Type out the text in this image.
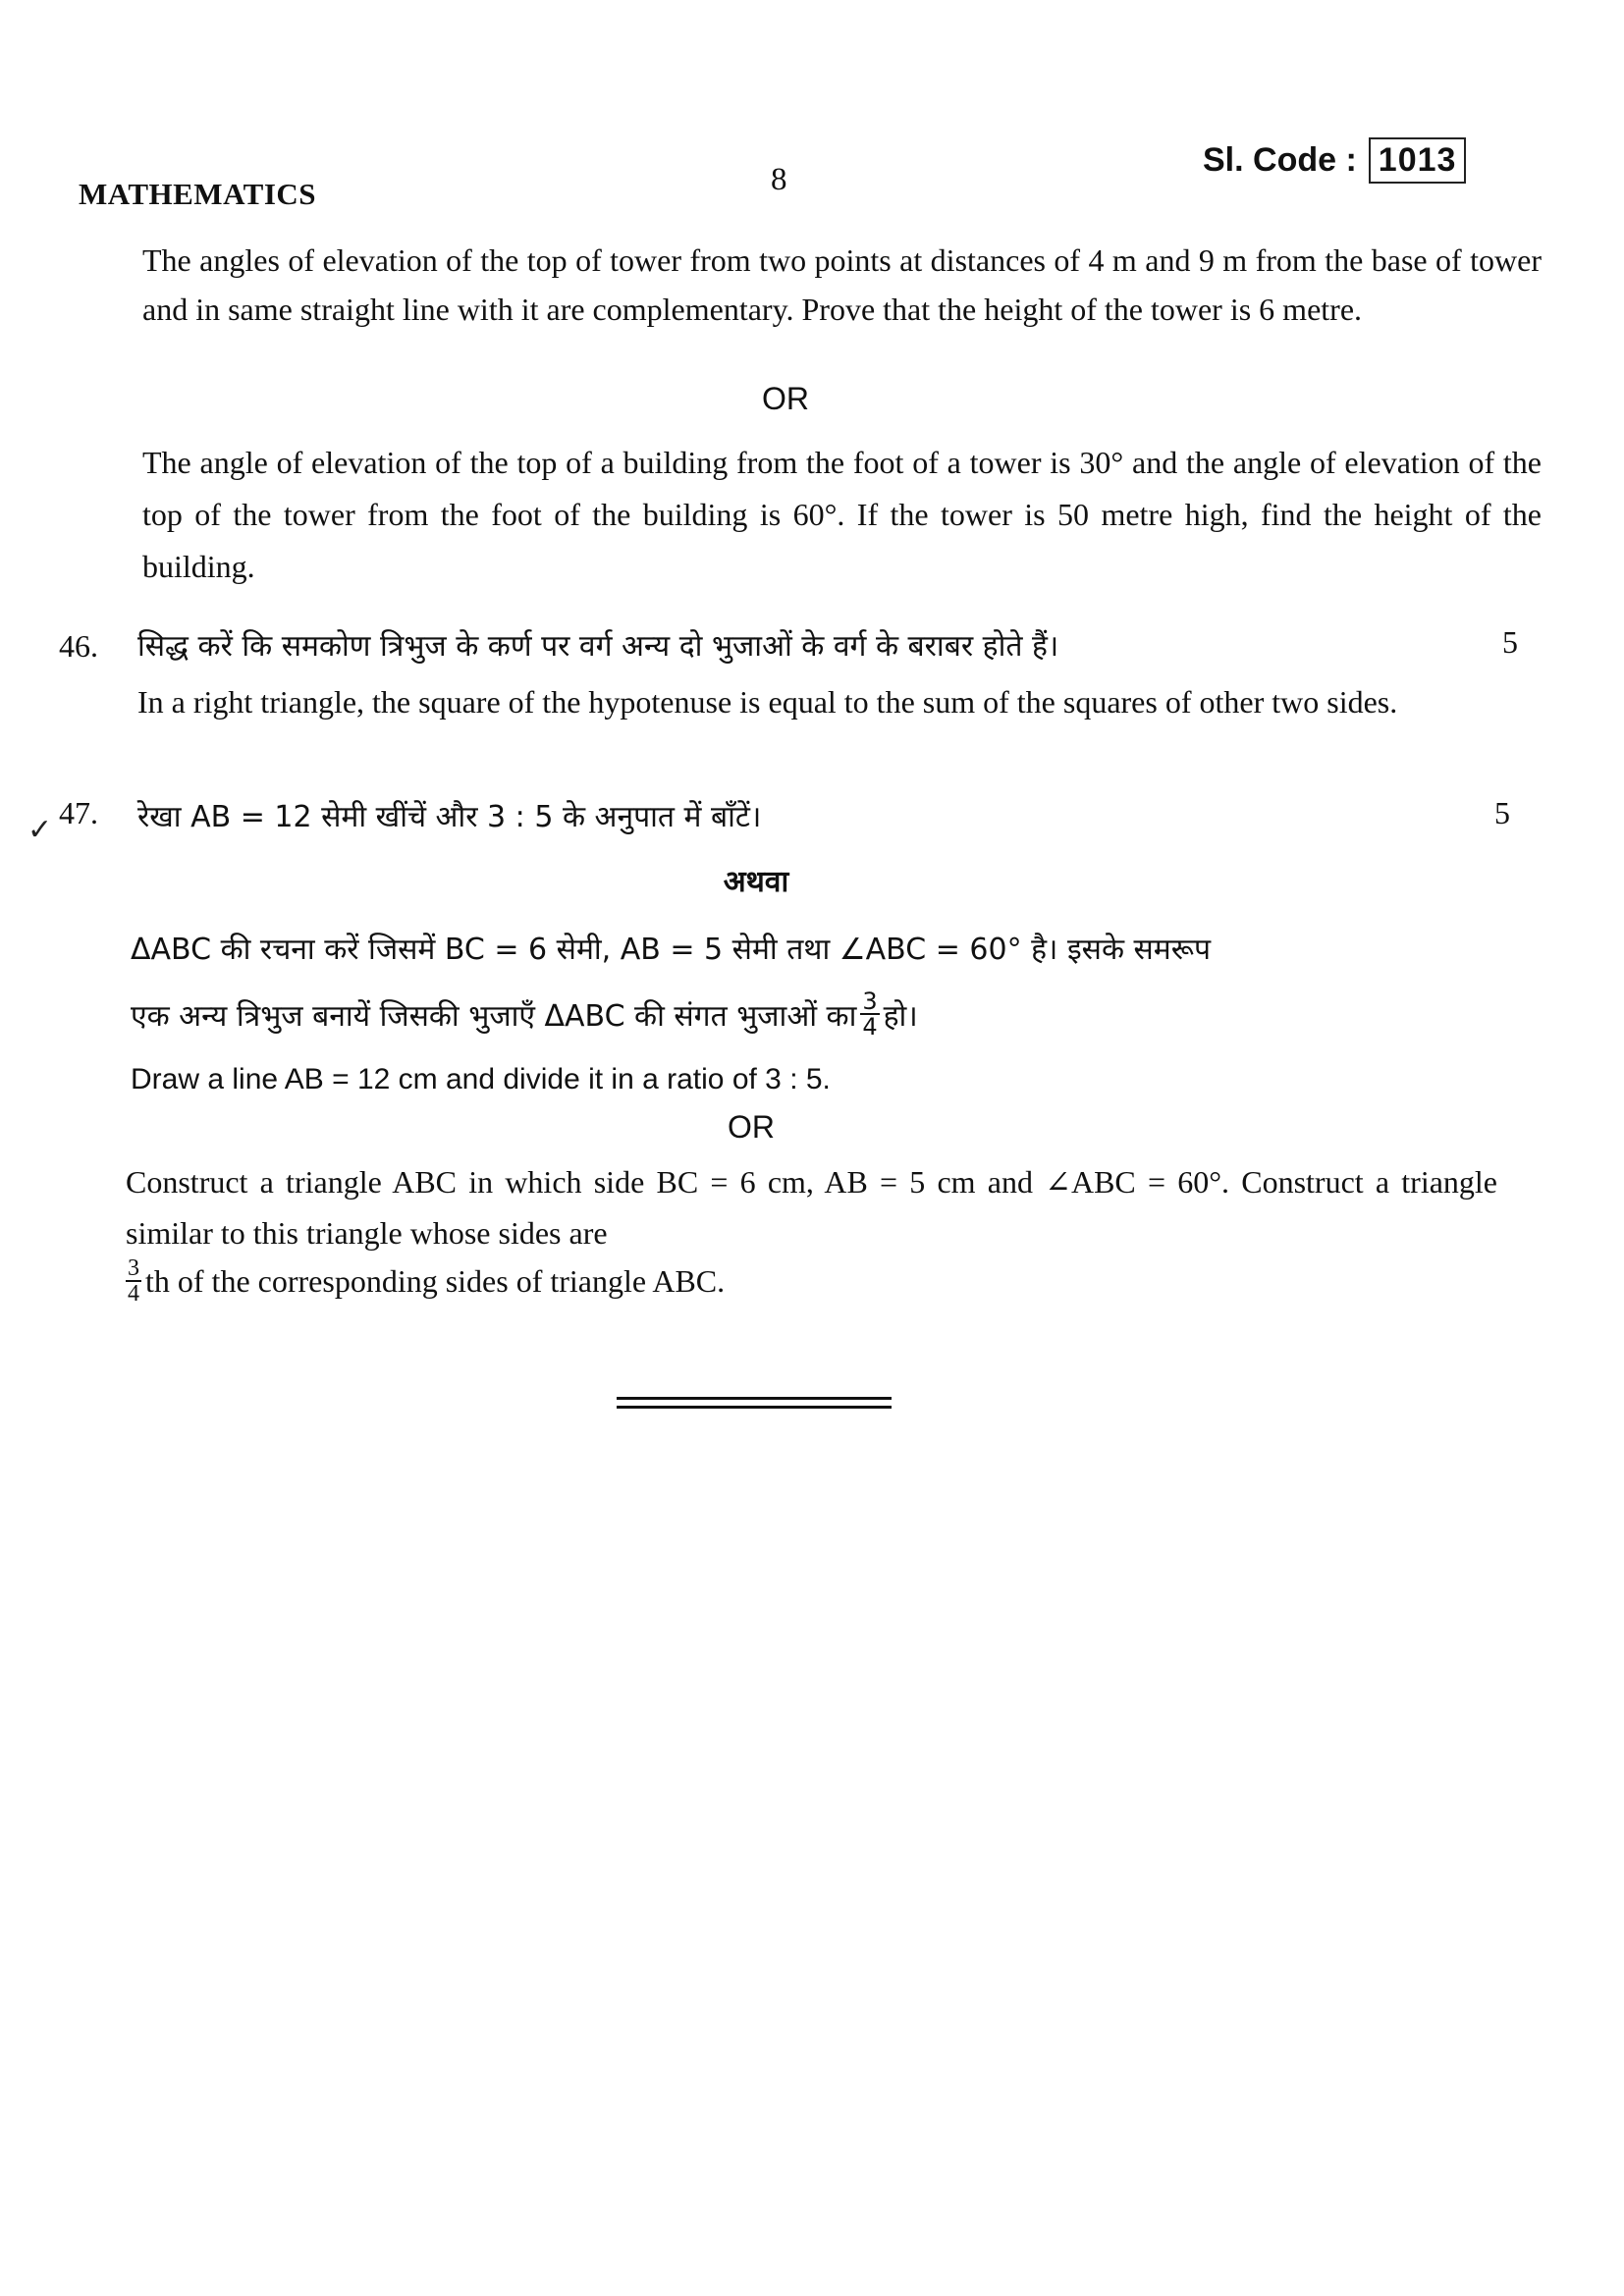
MATHEMATICS	8
Sl. Code : 1013
The angles of elevation of the top of tower from two points at distances of 4 m and 9 m from the base of tower and in same straight line with it are complementary. Prove that the height of the tower is 6 metre.
OR
The angle of elevation of the top of a building from the foot of a tower is 30° and the angle of elevation of the top of the tower from the foot of the building is 60°. If the tower is 50 metre high, find the height of the building.
46. सिद्ध करें कि समकोण त्रिभुज के कर्ण पर वर्ग अन्य दो भुजाओं के वर्ग के बराबर होते हैं।	5
In a right triangle, the square of the hypotenuse is equal to the sum of the squares of other two sides.
✓ 47. रेखा AB = 12 सेमी खींचें और 3 : 5 के अनुपात में बाँटें।	5
अथवा
ΔABC की रचना करें जिसमें BC = 6 सेमी, AB = 5 सेमी तथा ∠ABC = 60° है। इसके समरूप
एक अन्य त्रिभुज बनायें जिसकी भुजाएँ ΔABC की संगत भुजाओं का $\frac{3}{4}$ हो।
Draw a line AB = 12 cm and divide it in a ratio of 3 : 5.
OR
Construct a triangle ABC in which side BC = 6 cm, AB = 5 cm and ∠ABC = 60°. Construct a triangle similar to this triangle whose sides are
$\frac{3}{4}$ th of the corresponding sides of triangle ABC.
